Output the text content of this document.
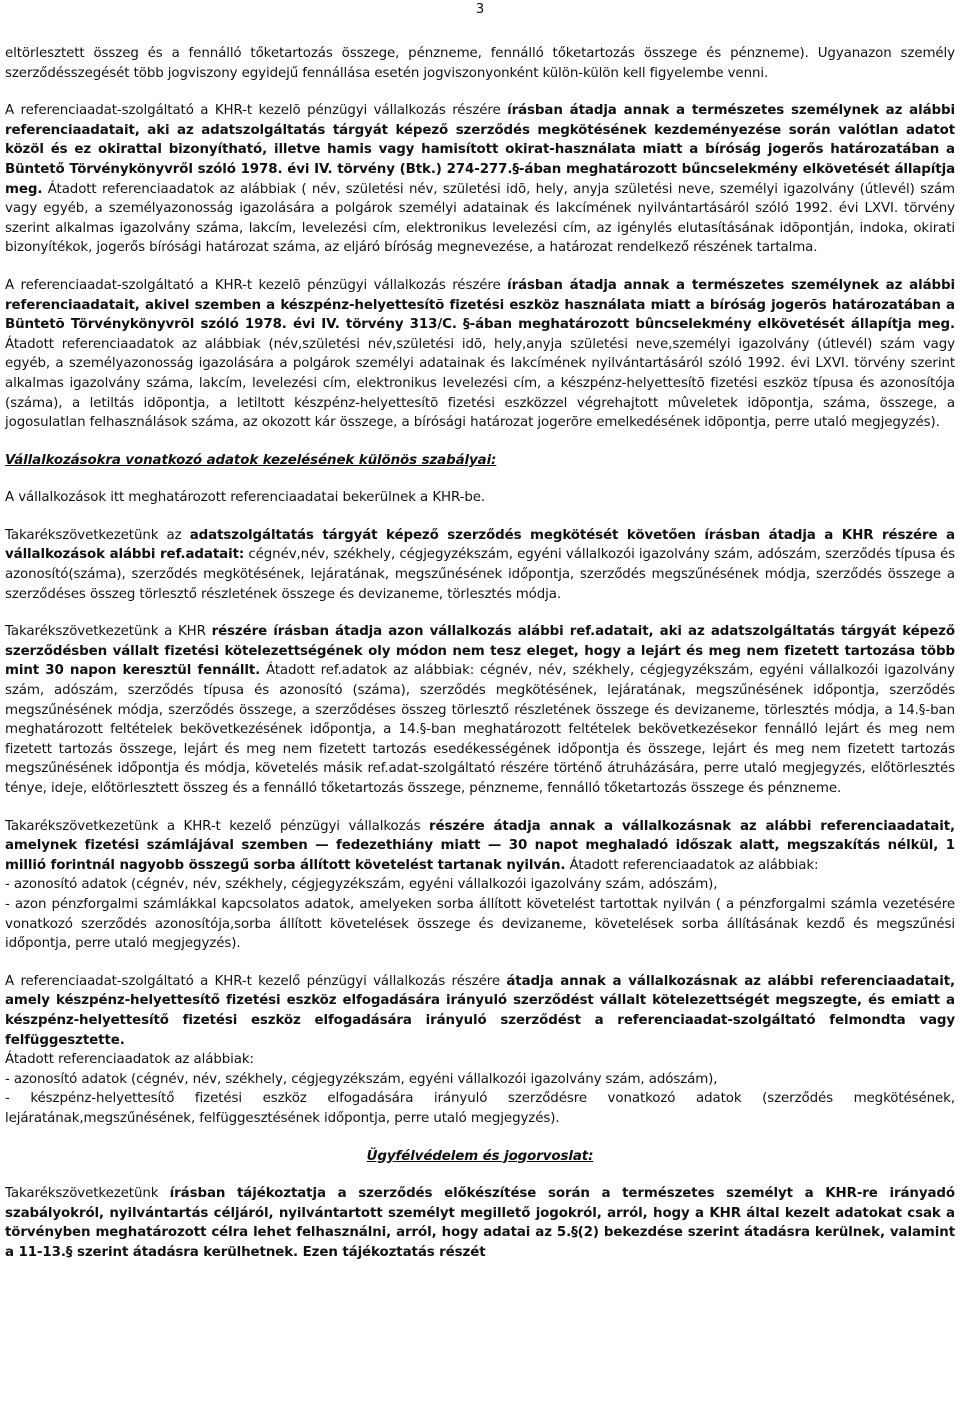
3

eltörlesztett összeg és a fennálló tőketartozás összege, pénzneme, fennálló tőketartozás összege és pénzneme). Ugyanazon személy szerződésszegését több jogviszony egyidejű fennállása esetén jogviszonyonként külön-külön kell figyelembe venni.

A referenciaadat-szolgáltató a KHR-t kezelõ pénzügyi vállalkozás részére írásban átadja annak a természetes személynek az alábbi referenciaadatait, aki az adatszolgáltatás tárgyát képező szerződés megkötésének kezdeményezése során valótlan adatot közöl és ez okirattal bizonyítható, illetve hamis vagy hamisított okirat-használata miatt a bíróság jogerős határozatában a Büntető Törvénykönyvről szóló 1978. évi IV. törvény (Btk.) 274-277.§-ában meghatározott bűncselekmény elkövetését állapítja meg. Átadott referenciaadatok az alábbiak ( név, születési név, születési idõ, hely, anyja születési neve, személyi igazolvány (útlevél) szám vagy egyéb, a személyazonosság igazolására a polgárok személyi adatainak és lakcímének nyilvántartásáról szóló 1992. évi LXVI. törvény szerint alkalmas igazolvány száma, lakcím, levelezési cím, elektronikus levelezési cím, az igénylés elutasításának idõpontján, indoka, okirati bizonyítékok, jogerős bírósági határozat száma, az eljáró bíróság megnevezése, a határozat rendelkező részének tartalma.

A referenciaadat-szolgáltató a KHR-t kezelõ pénzügyi vállalkozás részére írásban átadja annak a természetes személynek az alábbi referenciaadatait, akivel szemben a készpénz-helyettesítõ fizetési eszköz használata miatt a bíróság jogerõs határozatában a Büntetõ Törvénykönyvrõl szóló 1978. évi IV. törvény 313/C. §-ában meghatározott bûncselekmény elkövetését állapítja meg. Átadott referenciaadatok az alábbiak (név,születési név,születési idõ, hely,anyja születési neve,személyi igazolvány (útlevél) szám vagy egyéb, a személyazonosság igazolására a polgárok személyi adatainak és lakcímének nyilvántartásáról szóló 1992. évi LXVI. törvény szerint alkalmas igazolvány száma, lakcím, levelezési cím, elektronikus levelezési cím, a készpénz-helyettesítõ fizetési eszköz típusa és azonosítója (száma), a letiltás idõpontja, a letiltott készpénz-helyettesítõ fizetési eszközzel végrehajtott mûveletek idõpontja, száma, összege, a jogosulatlan felhasználások száma, az okozott kár összege, a bírósági határozat jogerõre emelkedésének idõpontja, perre utaló megjegyzés).

Vállalkozásokra vonatkozó adatok kezelésének különös szabályai:

A vállalkozások itt meghatározott referenciaadatai bekerülnek a KHR-be.

Takarékszövetkezetünk az adatszolgáltatás tárgyát képező szerződés megkötését követően írásban átadja a KHR részére a vállalkozások alábbi ref.adatait: cégnév,név, székhely, cégjegyzékszám, egyéni vállalkozói igazolvány szám, adószám, szerződés típusa és azonosító(száma), szerződés megkötésének, lejáratának, megszűnésének időpontja, szerződés megszűnésének módja, szerződés összege a szerződéses összeg törlesztő részletének összege és devizaneme, törlesztés módja.

Takarékszövetkezetünk a KHR részére írásban átadja azon vállalkozás alábbi ref.adatait, aki az adatszolgáltatás tárgyát képező szerződésben vállalt fizetési kötelezettségének oly módon nem tesz eleget, hogy a lejárt és meg nem fizetett tartozása több mint 30 napon keresztül fennállt. Átadott ref.adatok az alábbiak: cégnév, név, székhely, cégjegyzékszám, egyéni vállalkozói igazolvány szám, adószám, szerződés típusa és azonosító (száma), szerződés megkötésének, lejáratának, megszűnésének időpontja, szerződés megszűnésének módja, szerződés összege, a szerződéses összeg törlesztő részletének összege és devizaneme, törlesztés módja, a 14.§-ban meghatározott feltételek bekövetkezésének időpontja, a 14.§-ban meghatározott feltételek bekövetkezésekor fennálló lejárt és meg nem fizetett tartozás összege, lejárt és meg nem fizetett tartozás esedékességének időpontja és összege, lejárt és meg nem fizetett tartozás megszűnésének időpontja és módja, követelés másik ref.adat-szolgáltató részére történő átruházására, perre utaló megjegyzés, előtörlesztés ténye, ideje, előtörlesztett összeg és a fennálló tőketartozás összege, pénzneme, fennálló tőketartozás összege és pénzneme.

Takarékszövetkezetünk a KHR-t kezelő pénzügyi vállalkozás részére átadja annak a vállalkozásnak az alábbi referenciaadatait, amelynek fizetési számlájával szemben — fedezethiány miatt — 30 napot meghaladó időszak alatt, megszakítás nélkül, 1 millió forintnál nagyobb összegű sorba állított követelést tartanak nyilván. Átadott referenciaadatok az alábbiak:

- azonosító adatok (cégnév, név, székhely, cégjegyzékszám, egyéni vállalkozói igazolvány szám, adószám),

- azon pénzforgalmi számlákkal kapcsolatos adatok, amelyeken sorba állított követelést tartottak nyilván ( a pénzforgalmi számla vezetésére vonatkozó szerződés azonosítója,sorba állított követelések összege és devizaneme, követelések sorba állításának kezdő és megszűnési időpontja, perre utaló megjegyzés).

A referenciaadat-szolgáltató a KHR-t kezelő pénzügyi vállalkozás részére átadja annak a vállalkozásnak az alábbi referenciaadatait, amely készpénz-helyettesítő fizetési eszköz elfogadására irányuló szerződést vállalt kötelezettségét megszegte, és emiatt a készpénz-helyettesítő fizetési eszköz elfogadására irányuló szerződést a referenciaadat-szolgáltató felmondta vagy felfüggesztette.

Átadott referenciaadatok az alábbiak:

- azonosító adatok (cégnév, név, székhely, cégjegyzékszám, egyéni vállalkozói igazolvány szám, adószám),

- készpénz-helyettesítő fizetési eszköz elfogadására irányuló szerződésre vonatkozó adatok (szerződés megkötésének, lejáratának,megszűnésének, felfüggesztésének időpontja, perre utaló megjegyzés).

Ügyfélvédelem és jogorvoslat:

Takarékszövetkezetünk írásban tájékoztatja a szerződés előkészítése során a természetes személyt a KHR-re irányadó szabályokról, nyilvántartás céljáról, nyilvántartott személyt megillető jogokról, arról, hogy a KHR által kezelt adatokat csak a törvényben meghatározott célra lehet felhasználni, arról, hogy adatai az 5.§(2) bekezdése szerint átadásra kerülnek, valamint a 11-13.§ szerint átadásra kerülhetnek. Ezen tájékoztatás részét
